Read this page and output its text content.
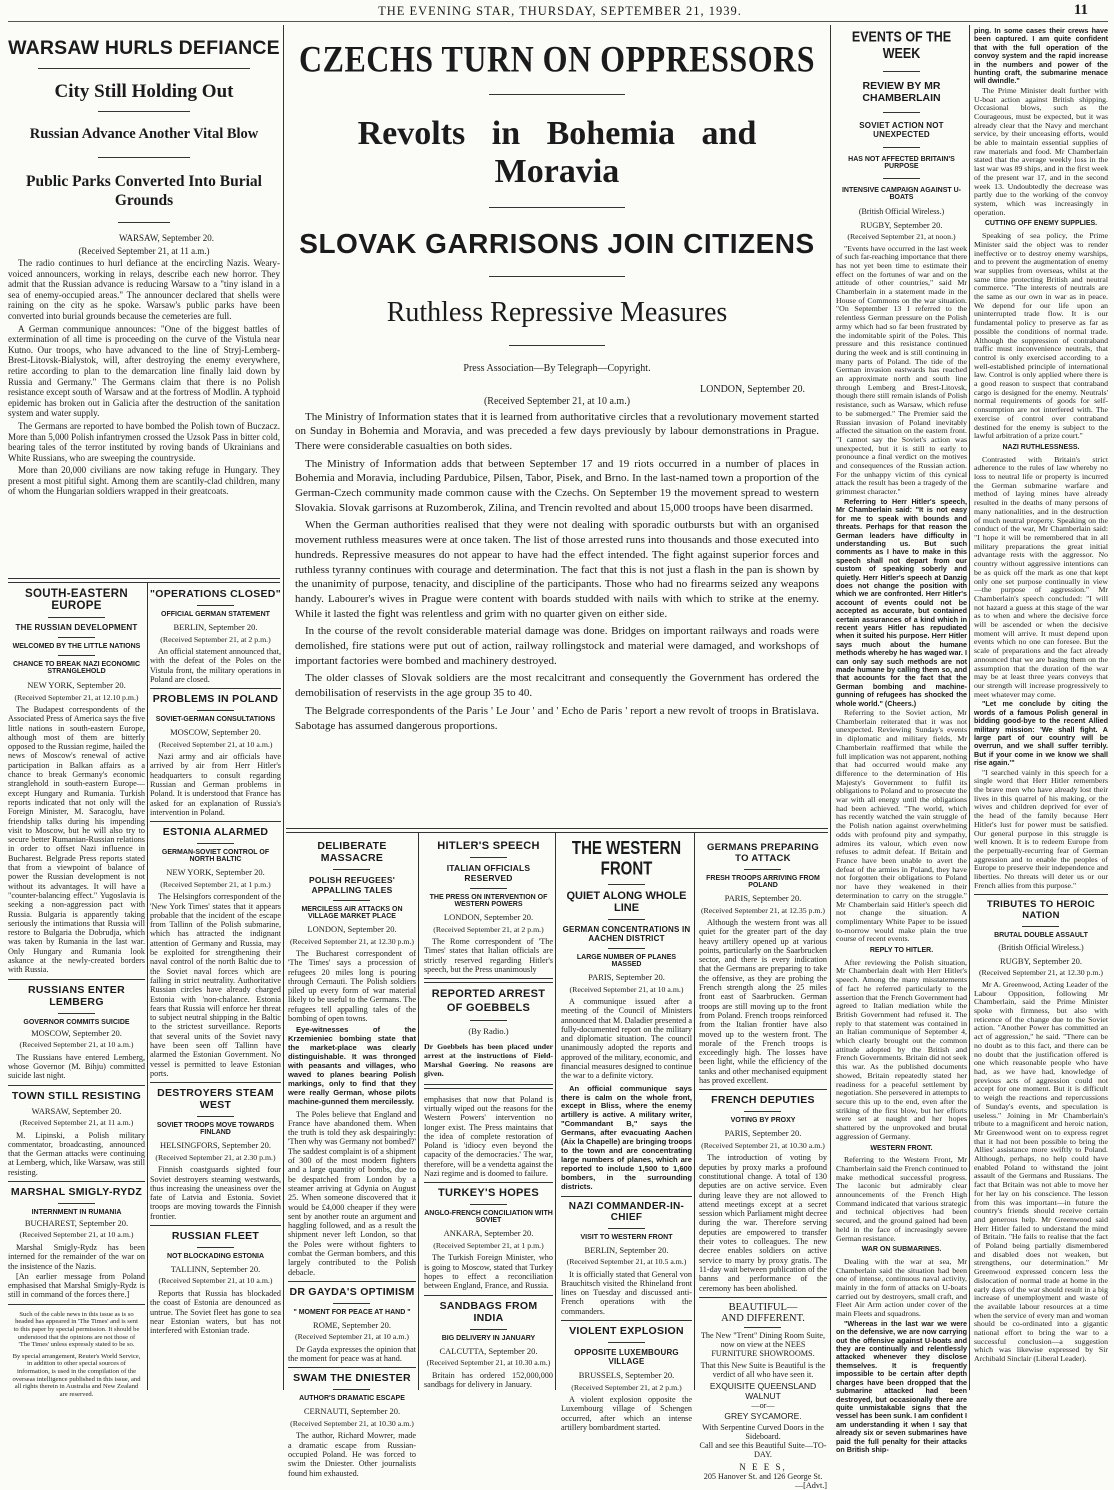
THE EVENING STAR, THURSDAY, SEPTEMBER 21, 1939.	11
WARSAW HURLS DEFIANCE
City Still Holding Out
Russian Advance Another Vital Blow
Public Parks Converted Into Burial Grounds
WARSAW, September 20.
(Received September 21, at 11 a.m.)

The radio continues to hurl defiance at the encircling Nazis. Weary-voiced announcers, working in relays, describe each new horror. They admit that the Russian advance is reducing Warsaw to a "tiny island in a sea of enemy-occupied areas." The announcer declared that shells were raining on the city as he spoke. Warsaw's public parks have been converted into burial grounds because the cemeteries are full.

A German communique announces: "One of the biggest battles of extermination of all time is proceeding on the curve of the Vistula near Kutno. Our troops, who have advanced to the line of Stryj-Lemberg-Brest-Litovsk-Bialystok, will, after destroying the enemy everywhere, retire according to plan to the demarcation line finally laid down by Russia and Germany." The Germans claim that there is no Polish resistance except south of Warsaw and at the fortress of Modlin. A typhoid epidemic has broken out in Galicia after the destruction of the sanitation system and water supply.

The Germans are reported to have bombed the Polish town of Buczacz. More than 5,000 Polish infantrymen crossed the Uzsok Pass in bitter cold, bearing tales of the terror instituted by roving bands of Ukrainians and White Russians, who are sweeping the countryside.

More than 20,000 civilians are now taking refuge in Hungary. They present a most pitiful sight. Among them are scantily-clad children, many of whom the Hungarian soldiers wrapped in their greatcoats.

CZECHS TURN ON OPPRESSORS
Revolts in Bohemia and Moravia
SLOVAK GARRISONS JOIN CITIZENS
Ruthless Repressive Measures
Press Association—By Telegraph—Copyright.
LONDON, September 20.
(Received September 21, at 10 a.m.)

The Ministry of Information states that it is learned from authoritative circles that a revolutionary movement started on Sunday in Bohemia and Moravia, and was preceded a few days previously by labour demonstrations in Prague. There were considerable casualties on both sides.

The Ministry of Information adds that between September 17 and 19 riots occurred in a number of places in Bohemia and Moravia, including Pardubice, Pilsen, Tabor, Pisek, and Brno. In the last-named town a proportion of the German-Czech community made common cause with the Czechs. On September 19 the movement spread to western Slovakia. Slovak garrisons at Ruzomberok, Zilina, and Trencin revolted and about 15,000 troops have been disarmed.

When the German authorities realised that they were not dealing with sporadic outbursts but with an organised movement ruthless measures were at once taken. The list of those arrested runs into thousands and those executed into hundreds. Repressive measures do not appear to have had the effect intended. The fight against superior forces and ruthless tyranny continues with courage and determination. The fact that this is not just a flash in the pan is shown by the unanimity of purpose, tenacity, and discipline of the participants. Those who had no firearms seized any weapons handy. Labourer's wives in Prague were content with boards studded with nails with which to strike at the enemy. While it lasted the fight was relentless and grim with no quarter given on either side.

In the course of the revolt considerable material damage was done. Bridges on important railways and roads were demolished, fire stations were put out of action, railway rollingstock and material were damaged, and workshops of important factories were bombed and machinery destroyed.

The older classes of Slovak soldiers are the most recalcitrant and consequently the Government has ordered the demobilisation of reservists in the age group 35 to 40.

The Belgrade correspondents of the Paris ' Le Jour ' and ' Echo de Paris ' report a new revolt of troops in Bratislava. Sabotage has assumed dangerous proportions.

SOUTH-EASTERN EUROPE
THE RUSSIAN DEVELOPMENT
WELCOMED BY THE LITTLE NATIONS
CHANCE TO BREAK NAZI ECONOMIC STRANGLEHOLD
NEW YORK, September 20.
(Received September 21, at 12.10 p.m.)

The Budapest correspondents of the Associated Press of America says the five little nations in south-eastern Europe, although most of them are bitterly opposed to the Russian regime, hailed the news of Moscow's renewal of active participation in Balkan affairs as a chance to break Germany's economic stranglehold in south-eastern Europe—except Hungary and Rumania. Turkish reports indicated that not only will the Foreign Minister, M. Saracoglu, have friendship talks during his impending visit to Moscow, but he will also try to secure better Rumanian-Russian relations in order to offset Nazi influence in Bucharest. Belgrade Press reports stated that from a viewpoint of balance of power the Russian development is not without its advantages. It will have a "counter-balancing effect." Yugoslavia is seeking a non-aggression pact with Russia. Bulgaria is apparently taking seriously the intimations that Russia will restore to Bulgaria the Dobrudja, which was taken by Rumania in the last war. Only Hungary and Rumania look askance at the newly-created borders with Russia.

RUSSIANS ENTER LEMBERG
GOVERNOR COMMITS SUICIDE
MOSCOW, September 20.
(Received September 21, at 10 a.m.)

The Russians have entered Lemberg, whose Governor (M. Bihju) committed suicide last night.

TOWN STILL RESISTING
WARSAW, September 20.
(Received September 21, at 11 a.m.)

M. Lipinski, a Polish military commentator, broadcasting, announced that the German attacks were continuing at Lemberg, which, like Warsaw, was still resisting.

MARSHAL SMIGLY-RYDZ
INTERNMENT IN RUMANIA
BUCHAREST, September 20.
(Received September 21, at 10 a.m.)

Marshal Smigly-Rydz has been interned for the remainder of the war on the insistence of the Nazis.

[An earlier message from Poland emphasised that Marshal Smigly-Rydz is still in command of the forces there.]

Such of the cable news in this issue as is so headed has appeared in 'The Times' and is sent to this paper by special permission. It should be understood that the opinions are not those of 'The Times' unless expressly stated to be so.
By special arrangement, Reuter's World Service, in addition to other special sources of information, is used in the compilation of the overseas intelligence published in this issue, and all rights therein in Australia and New Zealand are reserved.
"OPERATIONS CLOSED"
OFFICIAL GERMAN STATEMENT
BERLIN, September 20.
(Received September 21, at 2 p.m.)

An official statement announced that, with the defeat of the Poles on the Vistula front, the military operations in Poland are closed.

PROBLEMS IN POLAND
SOVIET-GERMAN CONSULTATIONS
MOSCOW, September 20.
(Received September 21, at 10 a.m.)

Nazi army and air officials have arrived by air from Herr Hitler's headquarters to consult regarding Russian and German problems in Poland. It is understood that France has asked for an explanation of Russia's intervention in Poland.

ESTONIA ALARMED
GERMAN-SOVIET CONTROL OF NORTH BALTIC
NEW YORK, September 20.
(Received September 21, at 1 p.m.)

The Helsingfors correspondent of the 'New York Times' states that it appears probable that the incident of the escape from Tallinn of the Polish submarine, which has attracted the indignant attention of Germany and Russia, may be exploited for strengthening their naval control of the north Baltic due to the Soviet naval forces which are failing in strict neutrality. Authoritative Russian circles have already charged Estonia with 'non-chalance. Estonia fears that Russia will enforce her threat to subject neutral shipping in the Baltic to the strictest surveillance. Reports that several units of the Soviet navy have been seen off Tallinn have alarmed the Estonian Government. No vessel is permitted to leave Estonian ports.

DESTROYERS STEAM WEST
SOVIET TROOPS MOVE TOWARDS FINLAND
HELSINGFORS, September 20.
(Received September 21, at 2.30 p.m.)

Finnish coastguards sighted four Soviet destroyers steaming westwards, thus increasing the uneasiness over the fate of Latvia and Estonia. Soviet troops are moving towards the Finnish frontier.

RUSSIAN FLEET
NOT BLOCKADING ESTONIA
TALLINN, September 20.
(Received September 21, at 10 a.m.)

Reports that Russia has blockaded the coast of Estonia are denounced as untrue. The Soviet fleet has gone to sea near Estonian waters, but has not interfered with Estonian trade.

DELIBERATE MASSACRE
POLISH REFUGEES' APPALLING TALES
MERCILESS AIR ATTACKS ON VILLAGE MARKET PLACE
LONDON, September 20.
(Received September 21, at 12.30 p.m.)

The Bucharest correspondent of 'The Times' says a procession of refugees 20 miles long is pouring through Cernauti. The Polish soldiers piled up every form of war material likely to be useful to the Germans. The refugees tell appalling tales of the bombing of open towns.

Eye-witnesses of the Krzemieniec bombing state that the market-place was clearly distinguishable. It was thronged with peasants and villages, who waved to planes bearing Polish markings, only to find that they were really German, whose pilots machine-gunned them mercilessly.

The Poles believe that England and France have abandoned them. When the truth is told they ask despairingly: 'Then why was Germany not bombed?' The saddest complaint is of a shipment of 300 of the most modern fighters and a large quantity of bombs, due to be despatched from London by a steamer arriving at Gdynia on August 25. When someone discovered that it would be £4,000 cheaper if they were sent by another route an argument and haggling followed, and as a result the shipment never left London, so that the Poles were without fighters to combat the German bombers, and this largely contributed to the Polish debacle.

DR GAYDA'S OPTIMISM
" MOMENT FOR PEACE AT HAND "
ROME, September 20.
(Received September 21, at 10 a.m.)

Dr Gayda expresses the opinion that the moment for peace was at hand.

SWAM THE DNIESTER
AUTHOR'S DRAMATIC ESCAPE
CERNAUTI, September 20.
(Received September 21, at 10.30 a.m.)

The author, Richard Mowrer, made a dramatic escape from Russian-occupied Poland. He was forced to swim the Dniester. Other journalists found him exhausted.

HITLER'S SPEECH
ITALIAN OFFICIALS RESERVED
THE PRESS ON INTERVENTION OF WESTERN POWERS
LONDON, September 20.
(Received September 21, at 2 p.m.)

The Rome correspondent of 'The Times' states that Italian officials are strictly reserved regarding Hitler's speech, but the Press unanimously

REPORTED ARREST OF GOEBBELS
(By Radio.)
Dr Goebbels has been placed under arrest at the instructions of Field-Marshal Goering. No reasons are given.

emphasises that now that Poland is virtually wiped out the reasons for the Western Powers' intervention no longer exist. The Press maintains that the idea of complete restoration of Poland is 'idiocy even beyond the capacity of the democracies.' The war, therefore, will be a vendetta against the Nazi regime and is doomed to failure.

TURKEY'S HOPES
ANGLO-FRENCH CONCILIATION WITH SOVIET
ANKARA, September 20.
(Received September 21, at 1 p.m.)

The Turkish Foreign Minister, who is going to Moscow, stated that Turkey hopes to effect a reconciliation between England, France, and Russia.

SANDBAGS FROM INDIA
BIG DELIVERY IN JANUARY
CALCUTTA, September 20.
(Received September 21, at 10.30 a.m.)

Britain has ordered 152,000,000 sandbags for delivery in January.

THE WESTERN FRONT
QUIET ALONG WHOLE LINE
GERMAN CONCENTRATIONS IN AACHEN DISTRICT
LARGE NUMBER OF PLANES MASSED
PARIS, September 20.
(Received September 21, at 10 a.m.)

A communique issued after a meeting of the Council of Ministers announced that M. Daladier presented a fully-documented report on the military and diplomatic situation. The council unanimously adopted the reports and approved of the military, economic, and financial measures designed to continue the war to a definite victory.

An official communique says there is calm on the whole front, except in Bliss, where the enemy artillery is active. A military writer, "Commandant B," says the Germans, after evacuating Aachen (Aix la Chapelle) are bringing troops to the town and are concentrating large numbers of planes, which are reported to include 1,500 to 1,600 bombers, in the surrounding districts.

NAZI COMMANDER-IN-CHIEF
VISIT TO WESTERN FRONT
BERLIN, September 20.
(Received September 21, at 10.5 a.m.)

It is officially stated that General von Brauchitsch visited the Rhineland front lines on Tuesday and discussed anti-French operations with the commanders.

VIOLENT EXPLOSION
OPPOSITE LUXEMBOURG VILLAGE
BRUSSELS, September 20.
(Received September 21, at 2 p.m.)

A violent explosion opposite the Luxembourg village of Schengen occurred, after which an intense artillery bombardment started.

GERMANS PREPARING TO ATTACK
FRESH TROOPS ARRIVING FROM POLAND
PARIS, September 20.
(Received September 21, at 12.35 p.m.)

Although the western front was all quiet for the greater part of the day heavy artillery opened up at various points, particularly on the Saarbrucken sector, and there is every indication that the Germans are preparing to take the offensive, as they are probing the French strength along the 25 miles front east of Saarbrucken. German troops are still moving up to the front from Poland. French troops reinforced from the Italian frontier have also moved up to the western front. The morale of the French troops is exceedingly high. The losses have been light, while the efficiency of the tanks and other mechanised equipment has proved excellent.

FRENCH DEPUTIES
VOTING BY PROXY
PARIS, September 20.
(Received September 21, at 10.30 a.m.)

The introduction of voting by deputies by proxy marks a profound constitutional change. A total of 130 deputies are on active service. Even during leave they are not allowed to attend meetings except at a secret session which Parliament might decree during the war. Therefore serving deputies are empowered to transfer their votes to colleagues. The new decree enables soldiers on active service to marry by proxy gratis. The 11-day wait between publication of the banns and performance of the ceremony has been abolished.

BEAUTIFUL—
AND DIFFERENT.
The New "Trent" Dining Room Suite, now on view at the NEES FURNITURE SHOWROOMS.
That this New Suite is Beautiful is the verdict of all who have seen it.
EXQUISITE QUEENSLAND WALNUT
—or—
GREY SYCAMORE.
With Serpentine Curved Doors in the Sideboard.
Call and see this Beautiful Suite—TO-DAY.
N E E S,
205 Hanover St. and 126 George St.
—[Advt.]
EVENTS OF THE WEEK
REVIEW BY MR CHAMBERLAIN
SOVIET ACTION NOT UNEXPECTED
HAS NOT AFFECTED BRITAIN'S PURPOSE
INTENSIVE CAMPAIGN AGAINST U-BOATS
(British Official Wireless.)
RUGBY, September 20.
(Received September 21, at noon.)

"Events have occurred in the last week of such far-reaching importance that there has not yet been time to estimate their effect on the fortunes of war and on the attitude of other countries," said Mr Chamberlain in a statement made in the House of Commons on the war situation. "On September 13 I referred to the relentless German pressure on the Polish army which had so far been frustrated by the indomitable spirit of the Poles. This pressure and this resistance continued during the week and is still continuing in many parts of Poland. The tide of the German invasion eastwards has reached an approximate north and south line through Lemberg and Brest-Litovsk, though there still remain islands of Polish resistance, such as Warsaw, which refuse to be submerged." The Premier said the Russian invasion of Poland inevitably affected the situation on the eastern front. "I cannot say the Soviet's action was unexpected, but it is still to early to pronounce a final verdict on the motives and consequences of the Russian action. For the unhappy victim of this cynical attack the result has been a tragedy of the grimmest character."

Referring to Herr Hitler's speech, Mr Chamberlain said: "It is not easy for me to speak with bounds and threats. Perhaps for that reason the German leaders have difficulty in understanding us. But such comments as I have to make in this speech shall not depart from our custom of speaking soberly and quietly. Herr Hitler's speech at Danzig does not change the position with which we are confronted. Herr Hitler's account of events could not be accepted as accurate, but contained certain assurances of a kind which in recent years Hitler has repudiated when it suited his purpose. Herr Hitler says much about the humane methods whereby he has waged war. I can only say such methods are not made humane by calling them so, and that accounts for the fact that the German bombing and machine-gunning of refugees has shocked the whole world." (Cheers.)

Referring to the Soviet action, Mr Chamberlain reiterated that it was not unexpected. Reviewing Sunday's events in diplomatic and military fields, Mr Chamberlain reaffirmed that while the full implication was not apparent, nothing that had occurred would make any difference to the determination of His Majesty's Government to fulfil its obligations to Poland and to prosecute the war with all energy until the obligations had been achieved. "The world, which has recently watched the vain struggle of the Polish nation against overwhelming odds with profound pity and sympathy, admires its valour, which even now refuses to admit defeat. If Britain and France have been unable to avert the defeat of the armies in Poland, they have not forgotten their obligations to Poland nor have they weakened in their determination to carry on the struggle." Mr Chamberlain said Hitler's speech did not change the situation. A complimentary White Paper to be issued to-morrow would make plain the true course of recent events.

REPLY TO HITLER.

After reviewing the Polish situation, Mr Chamberlain dealt with Herr Hitler's speech. Among the many misstatements of fact he referred particularly to the assertion that the French Government had agreed to Italian mediation while the British Government had refused it. The reply to that statement was contained in an Italian communique of September 4, which clearly brought out the common attitude adopted by the British and French Governments. Britain did not seek this war. As the published documents showed, Britain repeatedly stated her readiness for a peaceful settlement by negotiation. She persevered in attempts to secure this up to the end, even after the striking of the first blow, but her efforts were set at naught and her hopes shattered by the unprovoked and brutal aggression of Germany.

WESTERN FRONT.

Referring to the Western Front, Mr Chamberlain said the French continued to make methodical successful progress. The laconic but admirably clear announcements of the French High Command indicated that various strategic and technical objectives had been secured, and the ground gained had been held in the face of increasingly severe German resistance.

WAR ON SUBMARINES.

Dealing with the war at sea, Mr Chamberlain said the situation had been one of intense, continuous naval activity, mainly in the form of attacks on U-boats carried out by destroyers, small craft, and Fleet Air Arm action under cover of the main Fleets and squadrons.

"Whereas in the last war we were on the defensive, we are now carrying out the offensive against U-boats and they are continually and relentlessly attacked whenever they disclose themselves. It is frequently impossible to be certain after depth charges have been dropped that the submarine attacked had been destroyed, but occasionally there are quite unmistakable signs that the vessel has been sunk. I am confident I am understanding it when I say that already six or seven submarines have paid the full penalty for their attacks on British ship-

ping. In some cases their crews have been captured. I am quite confident that with the full operation of the convoy system and the rapid increase in the numbers and power of the hunting craft, the submarine menace will dwindle."

The Prime Minister dealt further with U-boat action against British shipping. Occasional blows, such as the Courageous, must be expected, but it was already clear that the Navy and merchant service, by their unceasing efforts, would be able to maintain essential supplies of raw materials and food. Mr Chamberlain stated that the average weekly loss in the last war was 89 ships, and in the first week of the present war 17, and in the second week 13. Undoubtedly the decrease was partly due to the working of the convoy system, which was increasingly in operation.

CUTTING OFF ENEMY SUPPLIES.

Speaking of sea policy, the Prime Minister said the object was to render ineffective or to destroy enemy warships, and to prevent the augmentation of enemy war supplies from overseas, whilst at the same time protecting British and neutral commerce. "The interests of neutrals are the same as our own in war as in peace. We depend for our life upon an uninterrupted trade flow. It is our fundamental policy to preserve as far as possible the conditions of normal trade. Although the suppression of contraband traffic must inconvenience neutrals, that control is only exercised according to a well-established principle of international law. Control is only applied where there is a good reason to suspect that contraband cargo is designed for the enemy. Neutrals' normal requirements of goods for self-consumption are not interfered with. The exercise of control over contraband destined for the enemy is subject to the lawful arbitration of a prize court."

NAZI RUTHLESSNESS.

Contrasted with Britain's strict adherence to the rules of law whereby no loss to neutral life or property is incurred the German submarine warfare and method of laying mines have already resulted in the deaths of many persons of many nationalities, and in the destruction of much neutral property. Speaking on the conduct of the war, Mr Chamberlain said: "I hope it will be remembered that in all military preparations the great initial advantage rests with the aggressor. No country without aggressive intentions can be as quick off the mark as one that kept only one set purpose continually in view—the purpose of aggression." Mr Chamberlain's speech concluded: "I will not hazard a guess at this stage of the war as to when and where the decisive force will be ascended or when the decisive moment will arrive. It must depend upon events which no one can foresee. But the scale of preparations and the fact already announced that we are basing them on the assumption that the duration of the war may be at least three years conveys that our strength will increase progressively to meet whatever may come.

"Let me conclude by citing the words of a famous Polish general in bidding good-bye to the recent Allied military mission: 'We shall fight. A large part of our country will be overrun, and we shall suffer terribly. But if your come in we know we shall rise again.'"

"I searched vainly in this speech for a single word that Herr Hitler remembers the brave men who have already lost their lives in this quarrel of his making, or the wives and children deprived for ever of the head of the family because Herr Hitler's lust for power must be satisfied. Our general purpose in this struggle is well known. It is to redeem Europe from the perpetually-recurring fear of German aggression and to enable the peoples of Europe to preserve their independence and liberties. No threats will deter us or our French allies from this purpose."

TRIBUTES TO HEROIC NATION
BRUTAL DOUBLE ASSAULT
(British Official Wireless.)
RUGBY, September 20.
(Received September 21, at 12.30 p.m.)

Mr A. Greenwood, Acting Leader of the Labour Opposition, following Mr Chamberlain, said the Prime Minister spoke with firmness, but also with reticence of the change due to the Soviet action. "Another Power has committed an act of aggression," he said. "There can be no doubt as to this fact, and there can be no doubt that the justification offered is one which reasonable people who have had, as we have had, knowledge of previous acts of aggression could not accept for one moment. But it is difficult to weigh the reactions and repercussions of Sunday's events, and speculation is useless." Joining in Mr Chamberlain's tribute to a magnificent and heroic nation, Mr Greenwood went on to express regret that it had not been possible to bring the Allies' assistance more swiftly to Poland. Although, perhaps, no help could have enabled Poland to withstand the joint assault of the Germans and Russians. The fact that Britain was not able to move her for her lay on his conscience. The lesson from this was important—in future the country's friends should receive certain and generous help. Mr Greenwood said Herr Hitler failed to understand the mind of Britain. "He fails to realise that the fact of Poland being partially dismembered and disabled does not weaken, but strengthens, our determination." Mr Greenwood expressed concern less the dislocation of normal trade at home in the early days of the war should result in a big increase of unemployment and waste of the available labour resources at a time when the service of every man and woman should be co-ordinated into a gigantic national effort to bring the war to a successful conclusion—a suggestion which was likewise expressed by Sir Archibald Sinclair (Liberal Leader).
